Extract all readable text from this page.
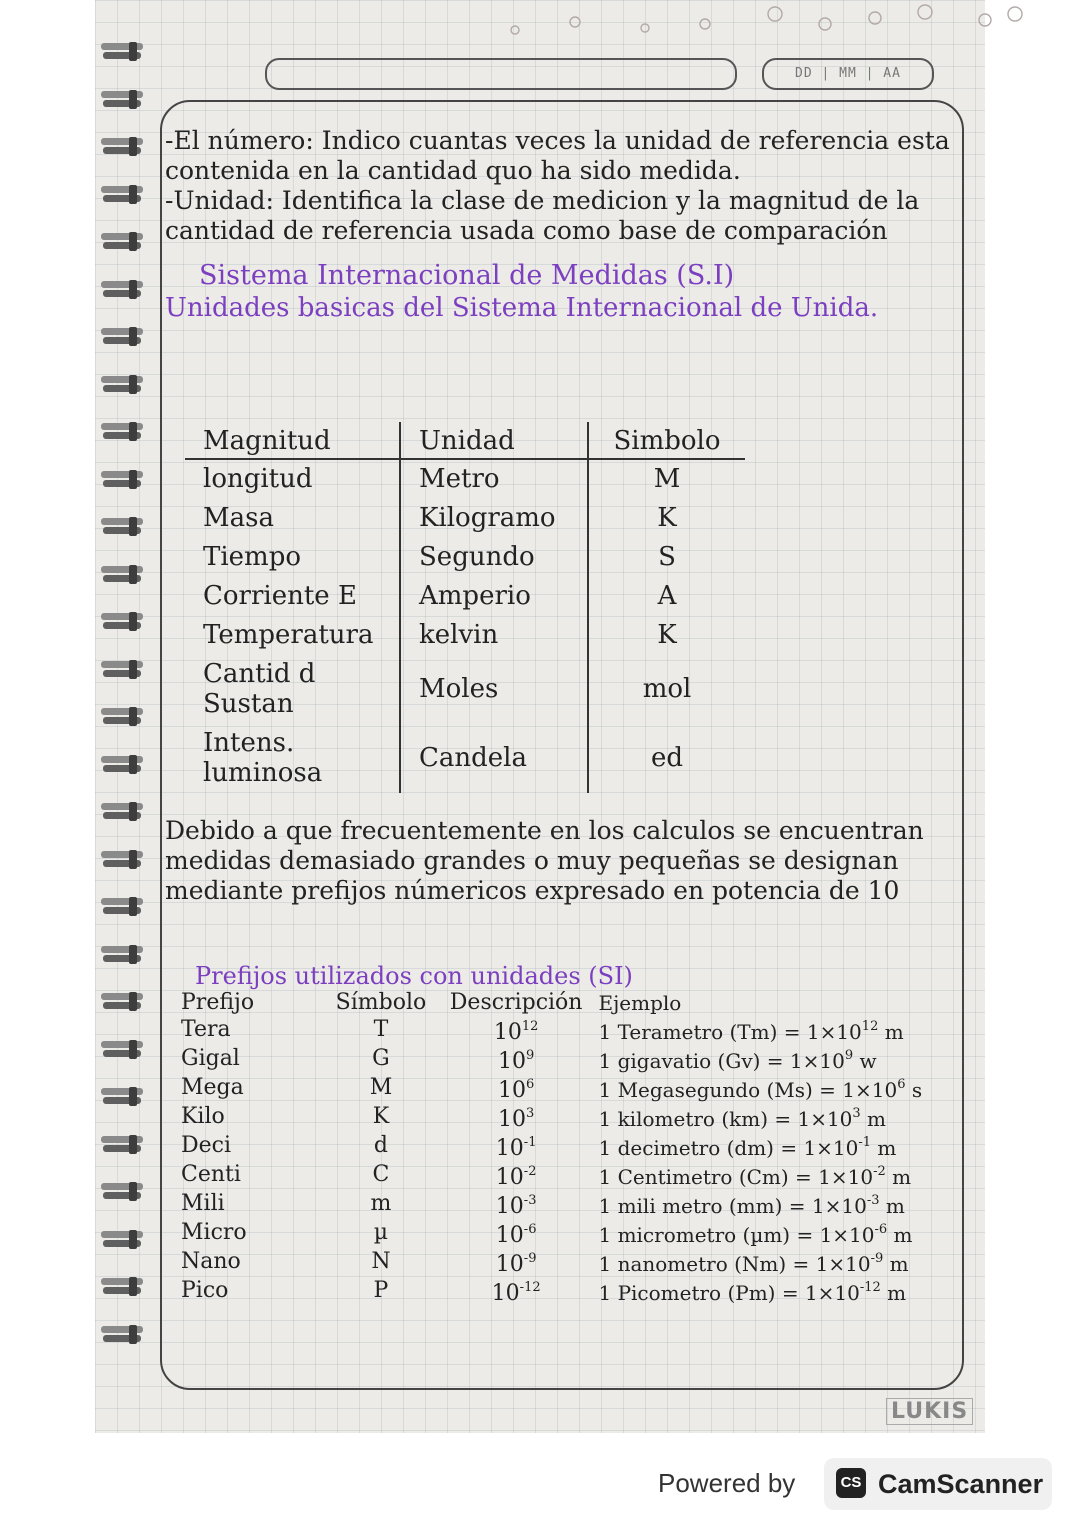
DD | MM | AA

-El número: Indico cuantas veces la unidad de referencia esta contenida en la cantidad quo ha sido medida.

-Unidad: Identifica la clase de medicion y la magnitud de la cantidad de referencia usada como base de comparación

Sistema Internacional de Medidas (S.I)
Unidades basicas del Sistema Internacional de Unida.
Magnitud	Unidad	Simbolo
longitud	Metro	M
Masa	Kilogramo	K
Tiempo	Segundo	S
Corriente E	Amperio	A
Temperatura	kelvin	K
Cantid d Sustan	Moles	mol
Intens. luminosa	Candela	ed
Debido a que frecuentemente en los calculos se encuentran medidas demasiado grandes o muy pequeñas se designan mediante prefijos númericos expresado en potencia de 10
Prefijos utilizados con unidades (SI)
Prefijo	Símbolo	Descripción	Ejemplo
Tera	T	$10^{12}$	1 Terametro $(Tm) = 1\times 10^{12}$ m
Gigal	G	$10^9$	1 gigavatio $(Gv) = 1\times 10^9$ w
Mega	M	$10^6$	1 Megasegundo $(Ms) = 1\times 10^6$ s
Kilo	K	$10^3$	1 kilometro $(km) = 1\times 10^3$ m
Deci	d	$10^{-1}$	1 decimetro $(dm) = 1\times 10^{-1}$ m
Centi	C	$10^{-2}$	1 Centimetro $(Cm) = 1\times 10^{-2}$ m
Mili	m	$10^{-3}$	1 mili metro $(mm) = 1\times 10^{-3}$ m
Micro	µ	$10^{-6}$	1 micrometro $(\mu m) = 1\times 10^{-6}$ m
Nano	N	$10^{-9}$	1 nanometro $(Nm) = 1\times 10^{-9}$ m
Pico	P	$10^{-12}$	1 Picometro $(Pm) = 1\times 10^{-12}$ m
LUKIS
Powered by	CS CamScanner
